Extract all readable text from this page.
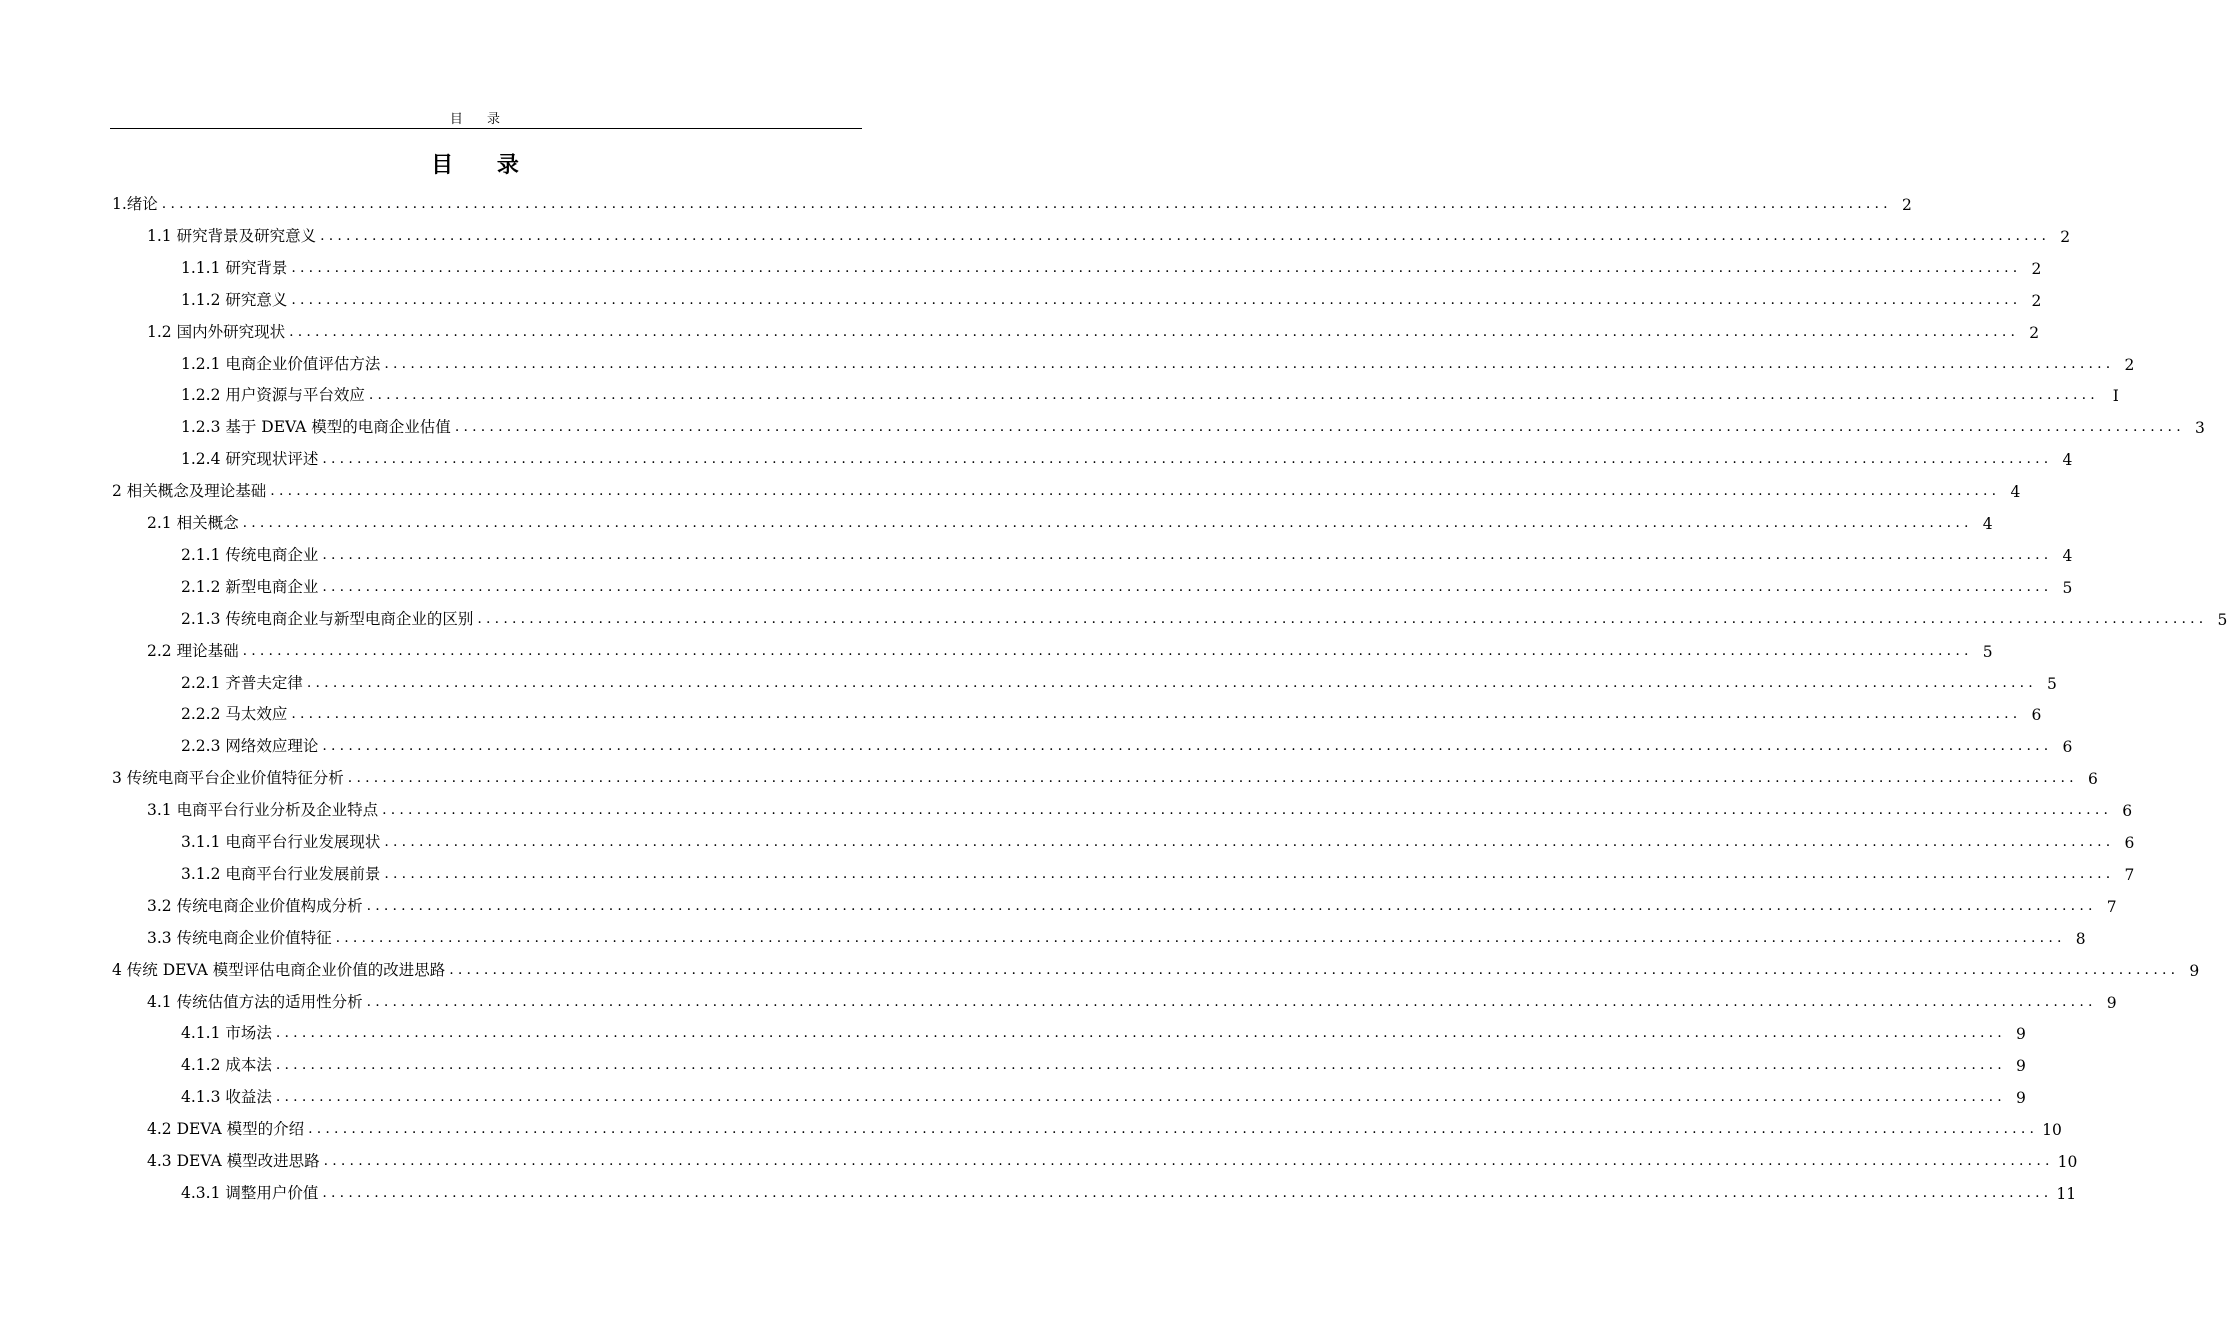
目 录
目 录
1.绪论 ........................................................................................................................................................................................................ 2
1.1 研究背景及研究意义 ........................................................................................................................................................................................................ 2
1.1.1 研究背景 ........................................................................................................................................................................................................ 2
1.1.2 研究意义 ........................................................................................................................................................................................................ 2
1.2 国内外研究现状 ........................................................................................................................................................................................................ 2
1.2.1 电商企业价值评估方法 ........................................................................................................................................................................................................ 2
1.2.2 用户资源与平台效应 ........................................................................................................................................................................................................ I
1.2.3 基于 DEVA 模型的电商企业估值 ........................................................................................................................................................................................................ 3
1.2.4 研究现状评述 ........................................................................................................................................................................................................ 4
2 相关概念及理论基础 ........................................................................................................................................................................................................ 4
2.1 相关概念 ........................................................................................................................................................................................................ 4
2.1.1 传统电商企业 ........................................................................................................................................................................................................ 4
2.1.2 新型电商企业 ........................................................................................................................................................................................................ 5
2.1.3 传统电商企业与新型电商企业的区别 ........................................................................................................................................................................................................ 5
2.2 理论基础 ........................................................................................................................................................................................................ 5
2.2.1 齐普夫定律 ........................................................................................................................................................................................................ 5
2.2.2 马太效应 ........................................................................................................................................................................................................ 6
2.2.3 网络效应理论 ........................................................................................................................................................................................................ 6
3 传统电商平台企业价值特征分析 ........................................................................................................................................................................................................ 6
3.1 电商平台行业分析及企业特点 ........................................................................................................................................................................................................ 6
3.1.1 电商平台行业发展现状 ........................................................................................................................................................................................................ 6
3.1.2 电商平台行业发展前景 ........................................................................................................................................................................................................ 7
3.2 传统电商企业价值构成分析 ........................................................................................................................................................................................................ 7
3.3 传统电商企业价值特征 ........................................................................................................................................................................................................ 8
4 传统 DEVA 模型评估电商企业价值的改进思路 ........................................................................................................................................................................................................ 9
4.1 传统估值方法的适用性分析 ........................................................................................................................................................................................................ 9
4.1.1 市场法 ........................................................................................................................................................................................................ 9
4.1.2 成本法 ........................................................................................................................................................................................................ 9
4.1.3 收益法 ........................................................................................................................................................................................................ 9
4.2 DEVA 模型的介绍 ........................................................................................................................................................................................................ 10
4.3 DEVA 模型改进思路 ........................................................................................................................................................................................................ 10
4.3.1 调整用户价值 ........................................................................................................................................................................................................ 11
